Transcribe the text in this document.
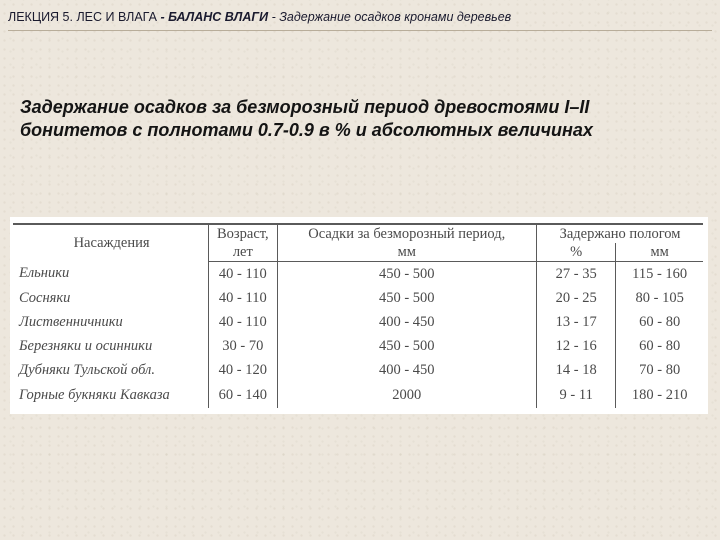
ЛЕКЦИЯ 5. ЛЕС И ВЛАГА - БАЛАНС ВЛАГИ - Задержание осадков кронами деревьев
Задержание осадков за безморозный период древостоями I–II
бонитетов с полнотами 0.7-0.9 в % и абсолютных величинах
Насаждения	Возраст,	Осадки за безморозный период,	Задержано пологом	
	лет	мм	%	мм
Ельники	40 - 110	450 - 500	27 - 35	115 - 160
Сосняки	40 - 110	450 - 500	20 - 25	80 - 105
Лиственничники	40 - 110	400 - 450	13 - 17	60 - 80
Березняки и осинники	30 - 70	450 - 500	12 - 16	60 - 80
Дубняки Тульской обл.	40 - 120	400 - 450	14 - 18	70 - 80
Горные букняки Кавказа	60 - 140	2000	9 - 11	180 - 210
